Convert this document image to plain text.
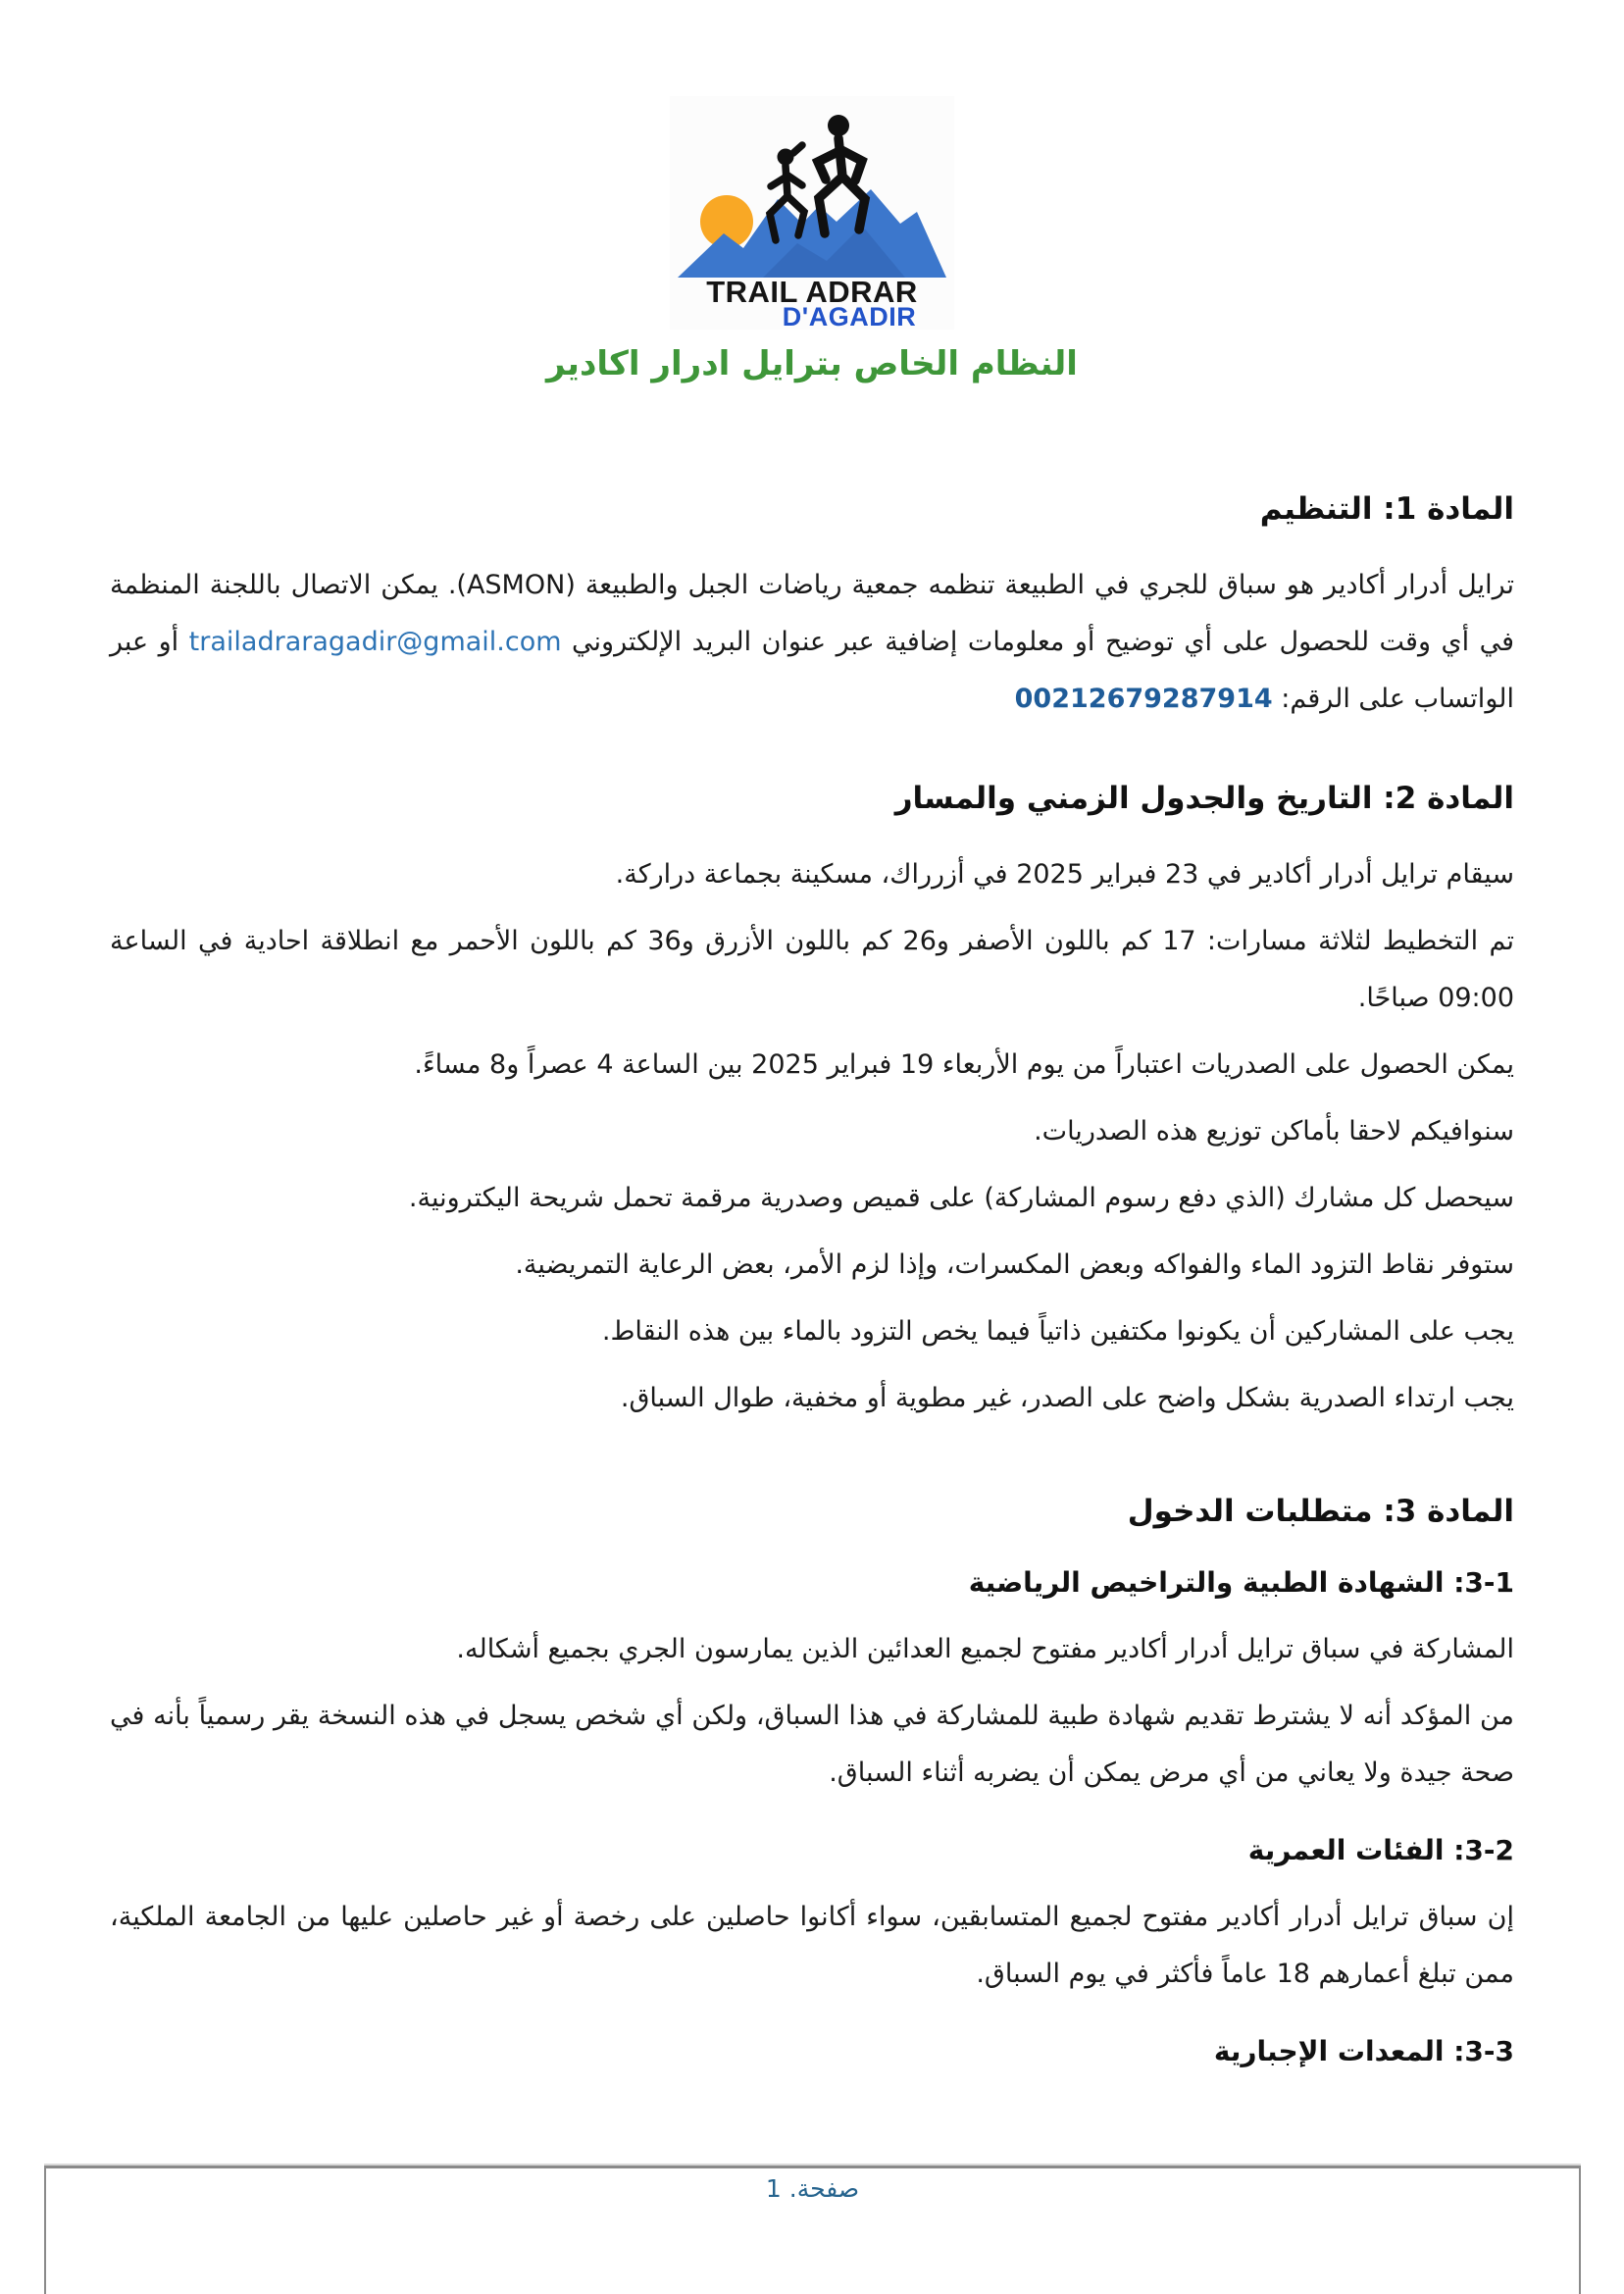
TRAIL ADRAR
D'AGADIR
النظام الخاص بترايل ادرار اكادير
المادة 1: التنظيم

ترايل أدرار أكادير هو سباق للجري في الطبيعة تنظمه جمعية رياضات الجبل والطبيعة (ASMON). يمكن الاتصال باللجنة المنظمة في أي وقت للحصول على أي توضيح أو معلومات إضافية عبر عنوان البريد الإلكتروني trailadraragadir@gmail.com أو عبر الواتساب على الرقم: 00212679287914

المادة 2: التاريخ والجدول الزمني والمسار

سيقام ترايل أدرار أكادير في 23 فبراير 2025 في أزرراك، مسكينة بجماعة دراركة.

تم التخطيط لثلاثة مسارات: 17 كم باللون الأصفر و26 كم باللون الأزرق و36 كم باللون الأحمر مع انطلاقة احادية في الساعة 09:00 صباحًا.

يمكن الحصول على الصدريات اعتباراً من يوم الأربعاء 19 فبراير 2025 بين الساعة 4 عصراً و8 مساءً.

سنوافيكم لاحقا بأماكن توزيع هذه الصدريات.

سيحصل كل مشارك (الذي دفع رسوم المشاركة) على قميص وصدرية مرقمة تحمل شريحة اليكترونية.

ستوفر نقاط التزود الماء والفواكه وبعض المكسرات، وإذا لزم الأمر، بعض الرعاية التمريضية.

يجب على المشاركين أن يكونوا مكتفين ذاتياً فيما يخص التزود بالماء بين هذه النقاط.

يجب ارتداء الصدرية بشكل واضح على الصدر، غير مطوية أو مخفية، طوال السباق.

المادة 3: متطلبات الدخول
3-1: الشهادة الطبية والتراخيص الرياضية

المشاركة في سباق ترايل أدرار أكادير مفتوح لجميع العدائين الذين يمارسون الجري بجميع أشكاله.

من المؤكد أنه لا يشترط تقديم شهادة طبية للمشاركة في هذا السباق، ولكن أي شخص يسجل في هذه النسخة يقر رسمياً بأنه في صحة جيدة ولا يعاني من أي مرض يمكن أن يضربه أثناء السباق.

3-2: الفئات العمرية

إن سباق ترايل أدرار أكادير مفتوح لجميع المتسابقين، سواء أكانوا حاصلين على رخصة أو غير حاصلين عليها من الجامعة الملكية، ممن تبلغ أعمارهم 18 عاماً فأكثر في يوم السباق.

3-3: المعدات الإجبارية
صفحة. 1
